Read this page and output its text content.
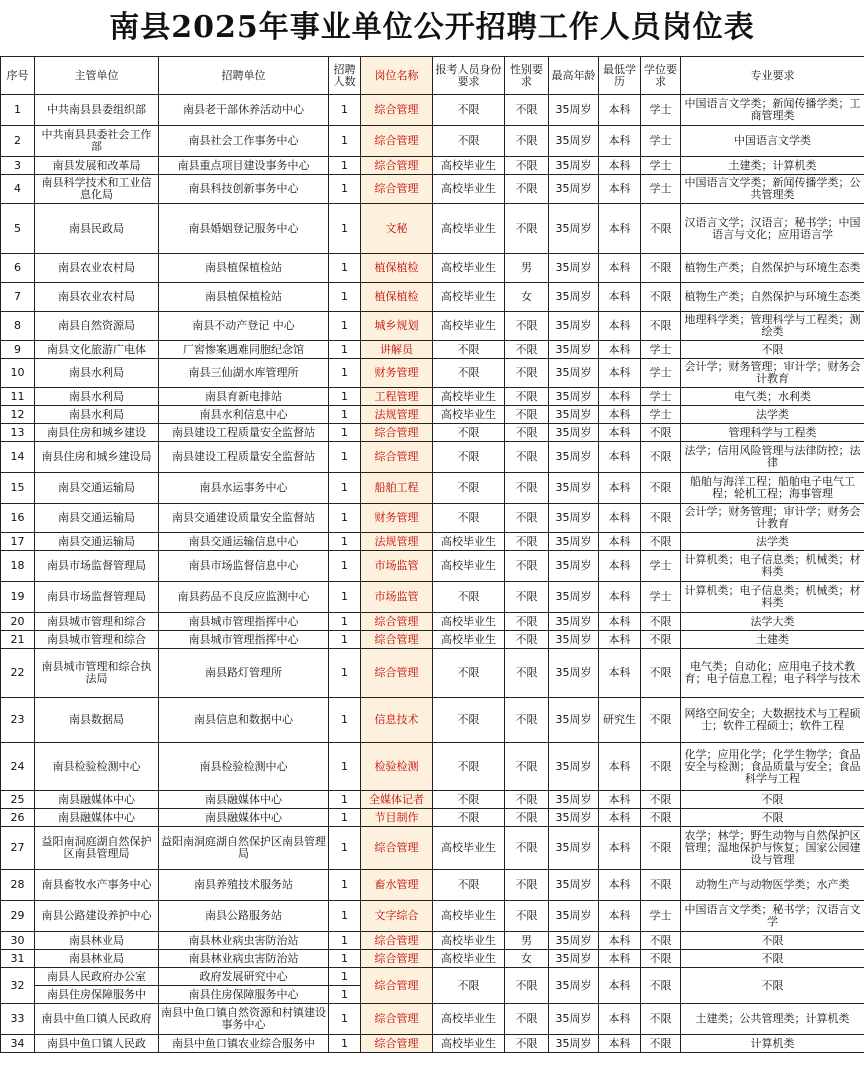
南县2025年事业单位公开招聘工作人员岗位表
序号	主管单位	招聘单位	招聘人数	岗位名称	报考人员身份要求	性别要求	最高年龄	最低学历	学位要求	专业要求
1	中共南县县委组织部	南县老干部休养活动中心	1	综合管理	不限	不限	35周岁	本科	学士	中国语言文学类；新闻传播学类；工商管理类
2	中共南县县委社会工作部	南县社会工作事务中心	1	综合管理	不限	不限	35周岁	本科	学士	中国语言文学类
3	南县发展和改革局	南县重点项目建设事务中心	1	综合管理	高校毕业生	不限	35周岁	本科	学士	土建类；计算机类
4	南县科学技术和工业信息化局	南县科技创新事务中心	1	综合管理	高校毕业生	不限	35周岁	本科	学士	中国语言文学类；新闻传播学类；公共管理类
5	南县民政局	南县婚姻登记服务中心	1	文秘	高校毕业生	不限	35周岁	本科	不限	汉语言文学；汉语言；秘书学；中国语言与文化；应用语言学
6	南县农业农村局	南县植保植检站	1	植保植检	高校毕业生	男	35周岁	本科	不限	植物生产类；自然保护与环境生态类
7	南县农业农村局	南县植保植检站	1	植保植检	高校毕业生	女	35周岁	本科	不限	植物生产类；自然保护与环境生态类
8	南县自然资源局	南县不动产登记 中心	1	城乡规划	高校毕业生	不限	35周岁	本科	不限	地理科学类；管理科学与工程类；测绘类
9	南县文化旅游广电体	厂窖惨案遇难同胞纪念馆	1	讲解员	不限	不限	35周岁	本科	学士	不限
10	南县水利局	南县三仙湖水库管理所	1	财务管理	不限	不限	35周岁	本科	学士	会计学；财务管理；审计学；财务会计教育
11	南县水利局	南县育新电排站	1	工程管理	高校毕业生	不限	35周岁	本科	学士	电气类；水利类
12	南县水利局	南县水利信息中心	1	法规管理	高校毕业生	不限	35周岁	本科	学士	法学类
13	南县住房和城乡建设	南县建设工程质量安全监督站	1	综合管理	不限	不限	35周岁	本科	不限	管理科学与工程类
14	南县住房和城乡建设局	南县建设工程质量安全监督站	1	综合管理	不限	不限	35周岁	本科	不限	法学；信用风险管理与法律防控；法律
15	南县交通运输局	南县水运事务中心	1	船舶工程	不限	不限	35周岁	本科	不限	船舶与海洋工程；船舶电子电气工程；轮机工程；海事管理
16	南县交通运输局	南县交通建设质量安全监督站	1	财务管理	不限	不限	35周岁	本科	不限	会计学；财务管理；审计学；财务会计教育
17	南县交通运输局	南县交通运输信息中心	1	法规管理	高校毕业生	不限	35周岁	本科	不限	法学类
18	南县市场监督管理局	南县市场监督信息中心	1	市场监管	高校毕业生	不限	35周岁	本科	学士	计算机类；电子信息类；机械类；材料类
19	南县市场监督管理局	南县药品不良反应监测中心	1	市场监管	不限	不限	35周岁	本科	学士	计算机类；电子信息类；机械类；材料类
20	南县城市管理和综合	南县城市管理指挥中心	1	综合管理	高校毕业生	不限	35周岁	本科	不限	法学大类
21	南县城市管理和综合	南县城市管理指挥中心	1	综合管理	高校毕业生	不限	35周岁	本科	不限	土建类
22	南县城市管理和综合执法局	南县路灯管理所	1	综合管理	不限	不限	35周岁	本科	不限	电气类；自动化；应用电子技术教育；电子信息工程；电子科学与技术
23	南县数据局	南县信息和数据中心	1	信息技术	不限	不限	35周岁	研究生	不限	网络空间安全；大数据技术与工程硕士；软件工程硕士；软件工程
24	南县检验检测中心	南县检验检测中心	1	检验检测	不限	不限	35周岁	本科	不限	化学；应用化学；化学生物学；食品安全与检测；食品质量与安全；食品科学与工程
25	南县融媒体中心	南县融媒体中心	1	全媒体记者	不限	不限	35周岁	本科	不限	不限
26	南县融媒体中心	南县融媒体中心	1	节目制作	不限	不限	35周岁	本科	不限	不限
27	益阳南洞庭湖自然保护区南县管理局	益阳南洞庭湖自然保护区南县管理局	1	综合管理	高校毕业生	不限	35周岁	本科	不限	农学；林学；野生动物与自然保护区管理；湿地保护与恢复；国家公园建设与管理
28	南县畜牧水产事务中心	南县养殖技术服务站	1	畜水管理	不限	不限	35周岁	本科	不限	动物生产与动物医学类；水产类
29	南县公路建设养护中心	南县公路服务站	1	文字综合	高校毕业生	不限	35周岁	本科	学士	中国语言文学类；秘书学；汉语言文学
30	南县林业局	南县林业病虫害防治站	1	综合管理	高校毕业生	男	35周岁	本科	不限	不限
31	南县林业局	南县林业病虫害防治站	1	综合管理	高校毕业生	女	35周岁	本科	不限	不限
32	南县人民政府办公室	政府发展研究中心	1	综合管理	不限	不限	35周岁	本科	不限	不限
	南县住房保障服务中	南县住房保障服务中心	1							
33	南县中鱼口镇人民政府	南县中鱼口镇自然资源和村镇建设事务中心	1	综合管理	高校毕业生	不限	35周岁	本科	不限	土建类；公共管理类；计算机类
34	南县中鱼口镇人民政	南县中鱼口镇农业综合服务中	1	综合管理	高校毕业生	不限	35周岁	本科	不限	计算机类
